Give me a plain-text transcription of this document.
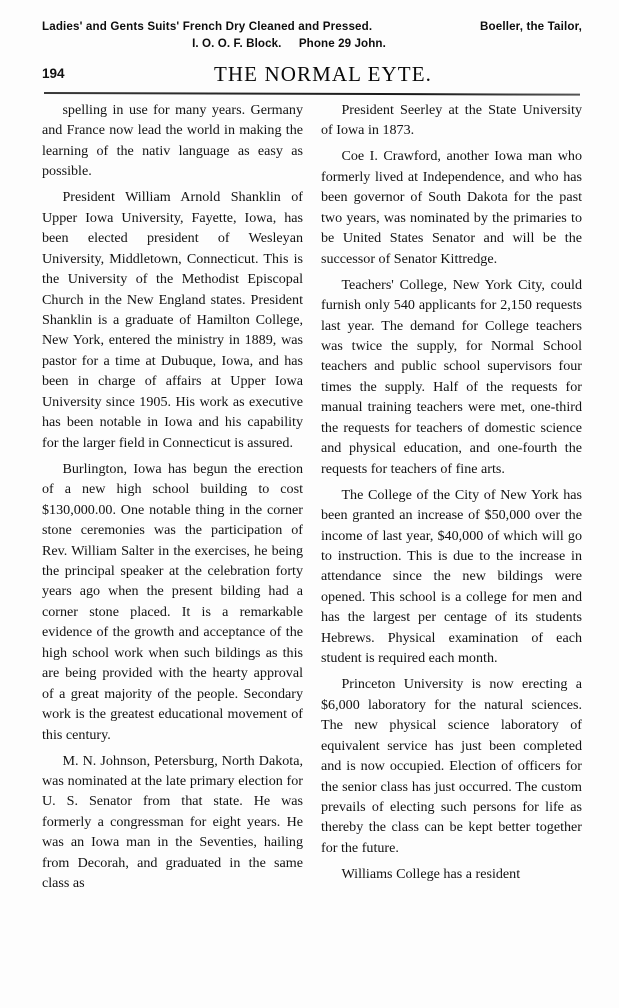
Ladies' and Gents Suits' French Dry Cleaned and Pressed.	Boeller, the Tailor,
I. O. O. F. Block. Phone 29 John.
194	THE NORMAL EYTE.

spelling in use for many years. Germany and France now lead the world in making the learning of the nativ language as easy as possible.

President William Arnold Shanklin of Upper Iowa University, Fayette, Iowa, has been elected president of Wesleyan University, Middletown, Connecticut. This is the University of the Methodist Episcopal Church in the New England states. President Shanklin is a graduate of Hamilton College, New York, entered the ministry in 1889, was pastor for a time at Dubuque, Iowa, and has been in charge of affairs at Upper Iowa University since 1905. His work as executive has been notable in Iowa and his capability for the larger field in Connecticut is assured.

Burlington, Iowa has begun the erection of a new high school building to cost $130,000.00. One notable thing in the corner stone ceremonies was the participation of Rev. William Salter in the exercises, he being the principal speaker at the celebration forty years ago when the present bilding had a corner stone placed. It is a remarkable evidence of the growth and acceptance of the high school work when such bildings as this are being provided with the hearty approval of a great majority of the people. Secondary work is the greatest educational movement of this century.

M. N. Johnson, Petersburg, North Dakota, was nominated at the late primary election for U. S. Senator from that state. He was formerly a congressman for eight years. He was an Iowa man in the Seventies, hailing from Decorah, and graduated in the same class as

President Seerley at the State University of Iowa in 1873.

Coe I. Crawford, another Iowa man who formerly lived at Independence, and who has been governor of South Dakota for the past two years, was nominated by the primaries to be United States Senator and will be the successor of Senator Kittredge.

Teachers' College, New York City, could furnish only 540 applicants for 2,150 requests last year. The demand for College teachers was twice the supply, for Normal School teachers and public school supervisors four times the supply. Half of the requests for manual training teachers were met, one-third the requests for teachers of domestic science and physical education, and one-fourth the requests for teachers of fine arts.

The College of the City of New York has been granted an increase of $50,000 over the income of last year, $40,000 of which will go to instruction. This is due to the increase in attendance since the new bildings were opened. This school is a college for men and has the largest per centage of its students Hebrews. Physical examination of each student is required each month.

Princeton University is now erecting a $6,000 laboratory for the natural sciences. The new physical science laboratory of equivalent service has just been completed and is now occupied. Election of officers for the senior class has just occurred. The custom prevails of electing such persons for life as thereby the class can be kept better together for the future.

Williams College has a resident
